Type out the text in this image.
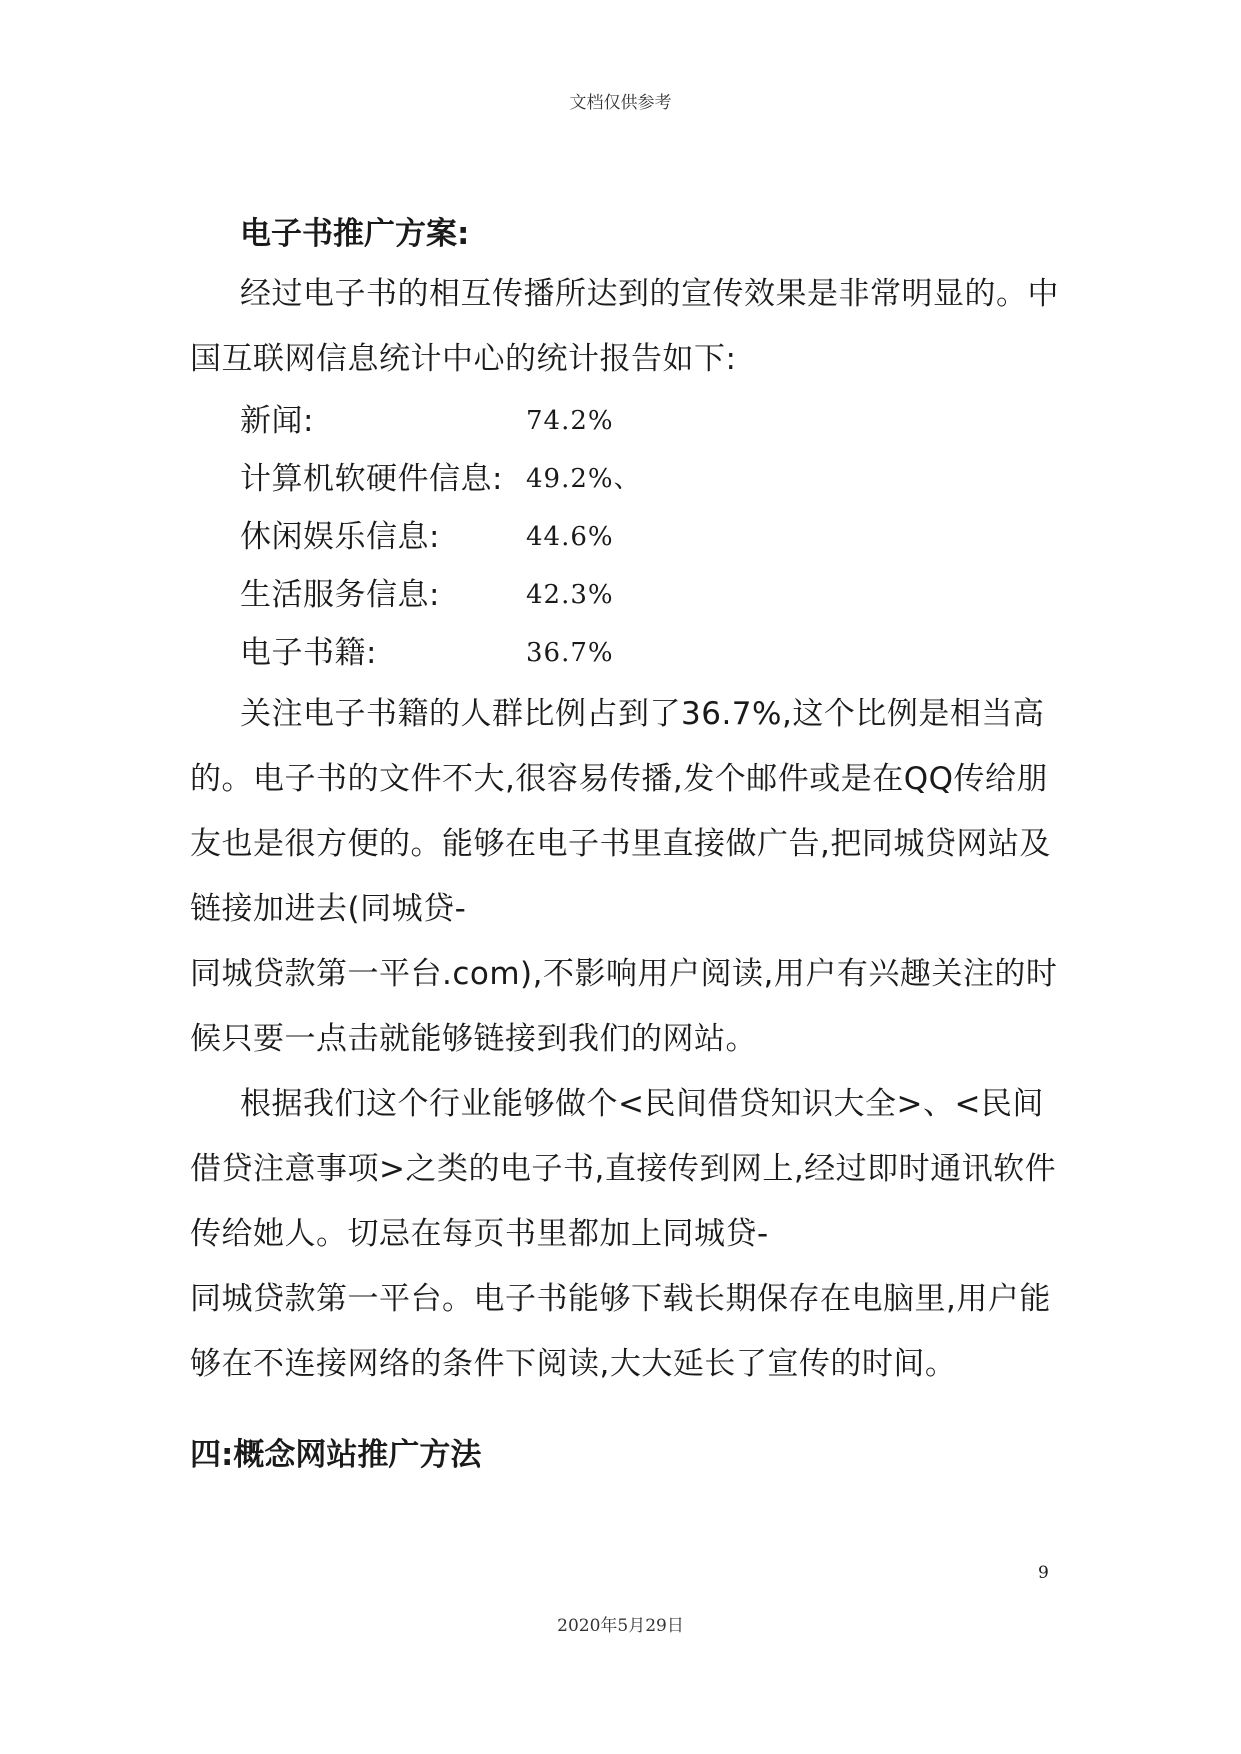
文档仅供参考
电子书推广方案:

经过电子书的相互传播所达到的宣传效果是非常明显的。中国互联网信息统计中心的统计报告如下:

新闻:	74.2%
计算机软硬件信息: 49.2%、
休闲娱乐信息:	44.6%
生活服务信息:	42.3%
电子书籍:	36.7%

关注电子书籍的人群比例占到了36.7%,这个比例是相当高的。电子书的文件不大,很容易传播,发个邮件或是在QQ传给朋友也是很方便的。能够在电子书里直接做广告,把同城贷网站及链接加进去(同城贷-

同城贷款第一平台.com),不影响用户阅读,用户有兴趣关注的时候只要一点击就能够链接到我们的网站。

根据我们这个行业能够做个<民间借贷知识大全>、<民间借贷注意事项>之类的电子书,直接传到网上,经过即时通讯软件传给她人。切忌在每页书里都加上同城贷-

同城贷款第一平台。电子书能够下载长期保存在电脑里,用户能够在不连接网络的条件下阅读,大大延长了宣传的时间。

四:概念网站推广方法
9
2020年5月29日
